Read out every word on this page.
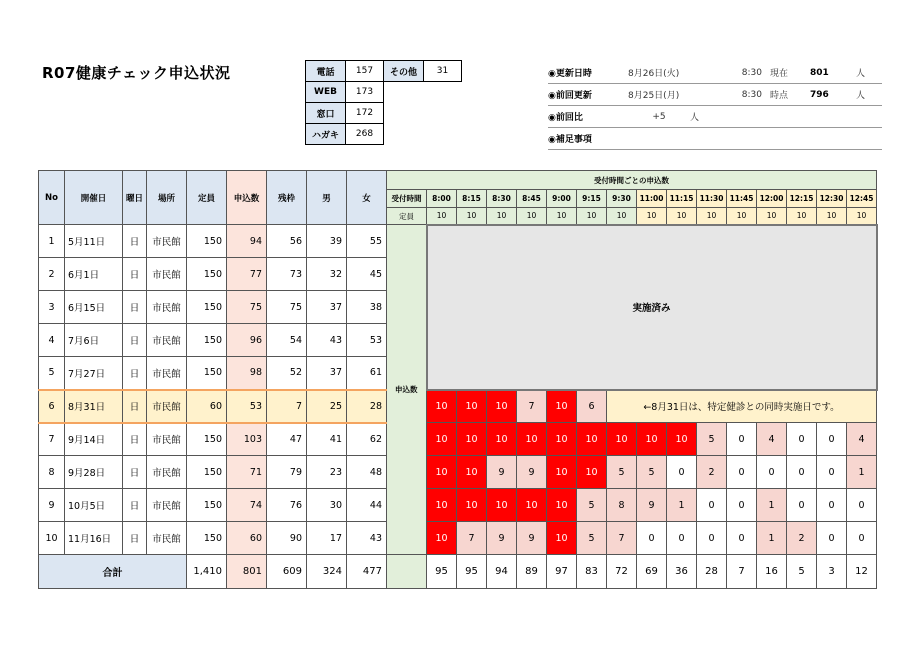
R07健康チェック申込状況	電話	157	その他	31
WEB	173		
窓口	172		
ハガキ	268		
◉更新日時	8月26日(火)	8:30 現在	801	人
◉前回更新	8月25日(月)	8:30 時点	796	人
◉前回比	+5	人
◉補足事項
No	開催日	曜日	場所	定員	申込数	残枠	男	女	受付時間ごとの申込数															
									受付時間	8:00	8:15	8:30	8:45	9:00	9:15	9:30	11:00	11:15	11:30	11:45	12:00	12:15	12:30	12:45
									定員	10	10	10	10	10	10	10	10	10	10	10	10	10	10	10
1	5月11日	日	市民館	150	94	56	39	55	申込数	実施済み														
2	6月1日	日	市民館	150	77	73	32	45																
3	6月15日	日	市民館	150	75	75	37	38																
4	7月6日	日	市民館	150	96	54	43	53																
5	7月27日	日	市民館	150	98	52	37	61																
6	8月31日	日	市民館	60	53	7	25	28		10	10	10	7	10	6	←8月31日は、特定健診との同時実施日です。								
7	9月14日	日	市民館	150	103	47	41	62		10	10	10	10	10	10	10	10	10	5	0	4	0	0	4
8	9月28日	日	市民館	150	71	79	23	48		10	10	9	9	10	10	5	5	0	2	0	0	0	0	1
9	10月5日	日	市民館	150	74	76	30	44		10	10	10	10	10	5	8	9	1	0	0	1	0	0	0
10	11月16日	日	市民館	150	60	90	17	43		10	7	9	9	10	5	7	0	0	0	0	1	2	0	0
合計				1,410	801	609	324	477		95	95	94	89	97	83	72	69	36	28	7	16	5	3	12
